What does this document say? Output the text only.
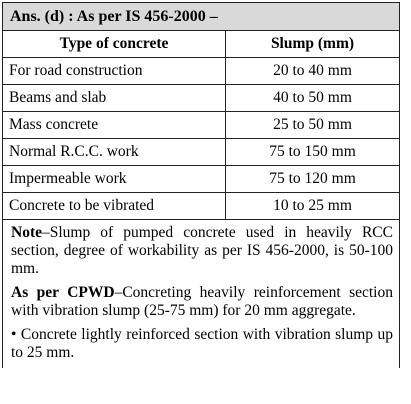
Ans. (d) : As per IS 456-2000 –
Type of concrete	Slump (mm)
For road construction	20 to 40 mm
Beams and slab	40 to 50 mm
Mass concrete	25 to 50 mm
Normal R.C.C. work	75 to 150 mm
Impermeable work	75 to 120 mm
Concrete to be vibrated	10 to 25 mm

Note–Slump of pumped concrete used in heavily RCC section, degree of workability as per IS 456-2000, is 50-100 mm.

As per CPWD–Concreting heavily reinforcement section with vibration slump (25-75 mm) for 20 mm aggregate.

• Concrete lightly reinforced section with vibration slump up to 25 mm.
